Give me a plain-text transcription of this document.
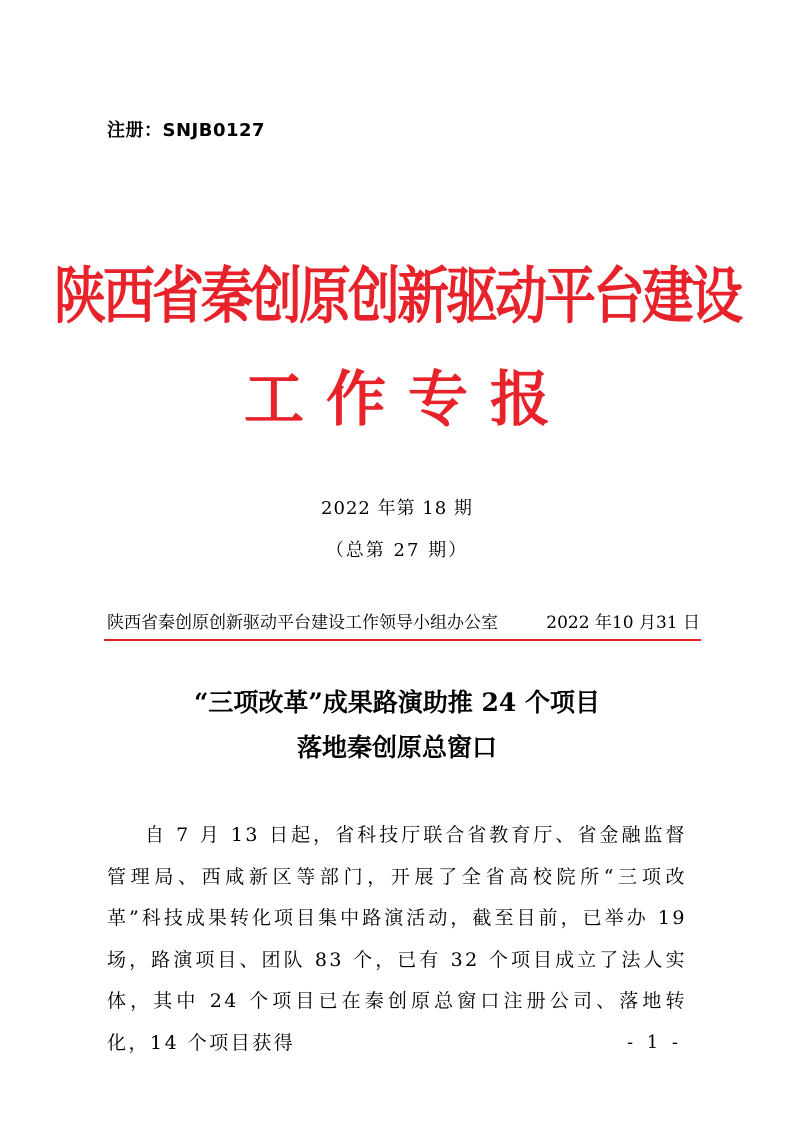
注册：SNJB0127
陕西省秦创原创新驱动平台建设
工作专报
2022 年第 18 期
（总第 27 期）
陕西省秦创原创新驱动平台建设工作领导小组办公室	2022 年10 月31 日
“三项改革”成果路演助推 24 个项目
落地秦创原总窗口
自 7 月 13 日起，省科技厅联合省教育厅、省金融监督管理局、西咸新区等部门，开展了全省高校院所“三项改革”科技成果转化项目集中路演活动，截至目前，已举办 19 场，路演项目、团队 83 个，已有 32 个项目成立了法人实体，其中 24 个项目已在秦创原总窗口注册公司、落地转化，14 个项目获得	- 1 -
